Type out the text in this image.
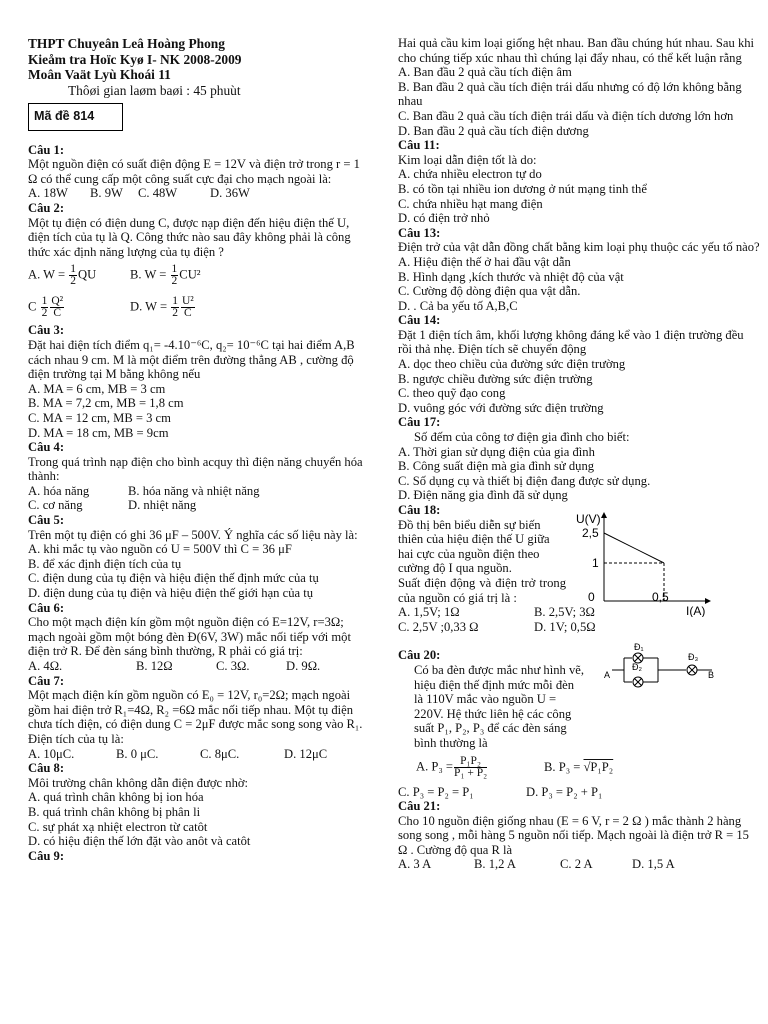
THPT Chuyeân Leâ Hoàng Phong
Kieåm tra Hoïc Kyø I- NK 2008-2009
Moân Vaät Lyù Khoái 11
Thôøi gian laøm baøi : 45 phuùt
Mã đề 814
Câu 1:

Một nguồn điện có suất điện động E = 12V và điện trở trong r = 1 Ω có thể cung cấp một công suất cực đại cho mạch ngoài là:

A. 18W	B. 9W	C. 48W	D. 36W
Câu 2:

Một tụ điện có điện dung C, được nạp điện đến hiệu điện thế U, điện tích của tụ là Q. Công thức nào sau đây không phải là công thức xác định năng lượng của tụ điện ?

A. $W = \frac{1}{2}$ QU	B. $W = \frac{1}{2} CU^2$
C $\frac{1}{2} \frac{\text{Q²}}{C}$	D. $W = \frac{1}{2} \frac{\text{U²}}{C}$
Câu 3:

Đặt hai điện tích điểm q₁= -4.10⁻⁶C, q₂= 10⁻⁶C tại hai điểm A,B cách nhau 9 cm. M là một điểm trên đường thẳng AB , cường độ điện trường tại M bằng không nếu

A. MA = 6 cm, MB = 3 cm

B. MA = 7,2 cm, MB = 1,8 cm

C. MA = 12 cm, MB = 3 cm

D. MA = 18 cm, MB = 9cm

Câu 4:

Trong quá trình nạp điện cho bình acquy thì điện năng chuyển hóa thành:

A. hóa năng	B. hóa năng và nhiệt năng
C. cơ năng	D. nhiệt năng
Câu 5:

Trên một tụ điện có ghi 36 μF – 500V. Ý nghĩa các số liệu này là:

A. khi mắc tụ vào nguồn có U = 500V thì C = 36 μF

B. để xác định điện tích của tụ

C. điện dung của tụ điện và hiệu điện thế định mức của tụ

D. điện dung của tụ điện và hiệu điện thế giới hạn của tụ

Câu 6:

Cho một mạch điện kín gồm một nguồn điện có E=12V, r=3Ω; mạch ngoài gồm một bóng đèn Đ(6V, 3W) mắc nối tiếp với một điện trở R. Để đèn sáng bình thường, R phải có giá trị:

A. 4Ω.	B. 12Ω	C. 3Ω.	D. 9Ω.
Câu 7:

Một mạch điện kín gồm nguồn có E₀ = 12V, r₀=2Ω; mạch ngoài gồm hai điện trở R₁=4Ω, R₂ =6Ω mắc nối tiếp nhau. Một tụ điện chưa tích điện, có điện dung C = 2μF được mắc song song vào R₁. Điện tích của tụ là:

A. 10μC.	B. 0 μC.	C. 8μC.	D. 12μC
Câu 8:

Môi trường chân không dẫn điện được nhờ:

A. quá trình chân không bị ion hóa

B. quá trình chân không bị phân li

C. sự phát xạ nhiệt electron từ catôt

D. có hiệu điện thế lớn đặt vào anôt và catôt

Câu 9:

Hai quả cầu kim loại giống hệt nhau. Ban đầu chúng hút nhau. Sau khi cho chúng tiếp xúc nhau thì chúng lại đẩy nhau, có thể kết luận rằng

A. Ban đầu 2 quả cầu tích điện âm

B. Ban đầu 2 quả cầu tích điện trái dấu nhưng có độ lớn không bằng nhau

C. Ban đầu 2 quả cầu tích điện trái dấu và điện tích dương lớn hơn

D. Ban đầu 2 quả cầu tích điện dương

Câu 11:

Kim loại dẫn điện tốt là do:

A. chứa nhiều electron tự do

B. có tồn tại nhiều ion dương ở nút mạng tinh thể

C. chứa nhiều hạt mang điện

D. có điện trở nhỏ

Câu 13:

Điện trở của vật dẫn đồng chất bằng kim loại phụ thuộc các yếu tố nào?

A. Hiệu điện thế ở hai đầu vật dẫn

B. Hình dạng ,kích thước và nhiệt độ của vật

C. Cường độ dòng điện qua vật dẫn.

D. . Cả ba yếu tố A,B,C

Câu 14:

Đặt 1 điện tích âm, khối lượng không đáng kể vào 1 điện trường đều rồi thả nhẹ. Điện tích sẽ chuyển động

A. dọc theo chiều của đường sức điện trường

B. ngược chiều đường sức điện trường

C. theo quỹ đạo cong

D. vuông góc với đường sức điện trường

Câu 17:

Số đếm của công tơ điện gia đình cho biết:

A. Thời gian sử dụng điện của gia đình

B. Công suất điện mà gia đình sử dụng

C. Số dụng cụ và thiết bị điện đang được sử dụng.

D. Điện năng gia đình đã sử dụng

Câu 18:

Đồ thị bên biểu diễn sự biến thiên của hiệu điện thế U giữa hai cực của nguồn điện theo cường độ I qua nguồn.

Suất điện động và điện trở trong của nguồn có giá trị là :

U(V)
2,5
1
0	0,5
I(A)
A. 1,5V; 1Ω	B. 2,5V; 3Ω
C. 2,5V ;0,33 Ω	D. 1V; 0,5Ω
Câu 20:

Có ba đèn được mắc như hình vẽ, hiệu điện thế định mức mỗi đèn là 110V mắc vào nguồn U = 220V. Hệ thức liên hệ các công suất P₁, P₂, P₃ để các đèn sáng bình thường là

Đ₁
Đ₂
Đ₃
A	B
A. $P_3 = \frac{\text{P₁P₂}}{\text{P₁ + P₂}}$	B. P₃ = √P₁P₂
C. P₃ = P₂ = P₁	D. P₃ = P₂ + P₁
Câu 21:

Cho 10 nguồn điện giống nhau (E = 6 V, r = 2 Ω ) mắc thành 2 hàng song song , mỗi hàng 5 nguồn nối tiếp. Mạch ngoài là điện trở R = 15 Ω . Cường độ qua R là

A. 3 A	B. 1,2 A	C. 2 A	D. 1,5 A
